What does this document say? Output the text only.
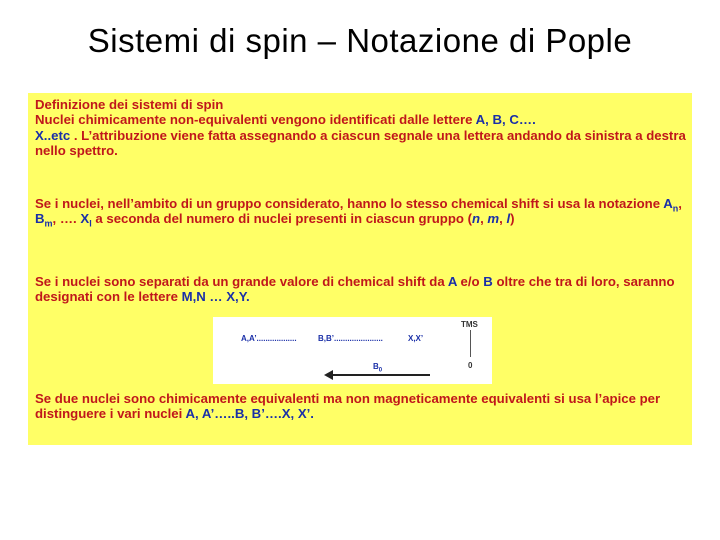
Sistemi di spin – Notazione di Pople

Definizione dei sistemi di spin
Nuclei chimicamente non-equivalenti vengono identificati dalle lettere A, B, C….
X..etc . L’attribuzione viene fatta assegnando a ciascun segnale una lettera andando da sinistra a destra nello spettro.

Se i nuclei, nell’ambito di un gruppo considerato, hanno lo stesso chemical shift si usa la notazione $A_n$, $B_m$, …. $X_l$ a seconda del numero di nuclei presenti in ciascun gruppo (n, m, l)

Se i nuclei sono separati da un grande valore di chemical shift da A e/o B oltre che tra di loro, saranno designati con le lettere M,N … X,Y.

A,A’..................	B,B’......................	X,X’
TMS
0
$B_0$

Se due nuclei sono chimicamente equivalenti ma non magneticamente equivalenti si usa l’apice per distinguere i vari nuclei A, A’…..B, B’….X, X’.
